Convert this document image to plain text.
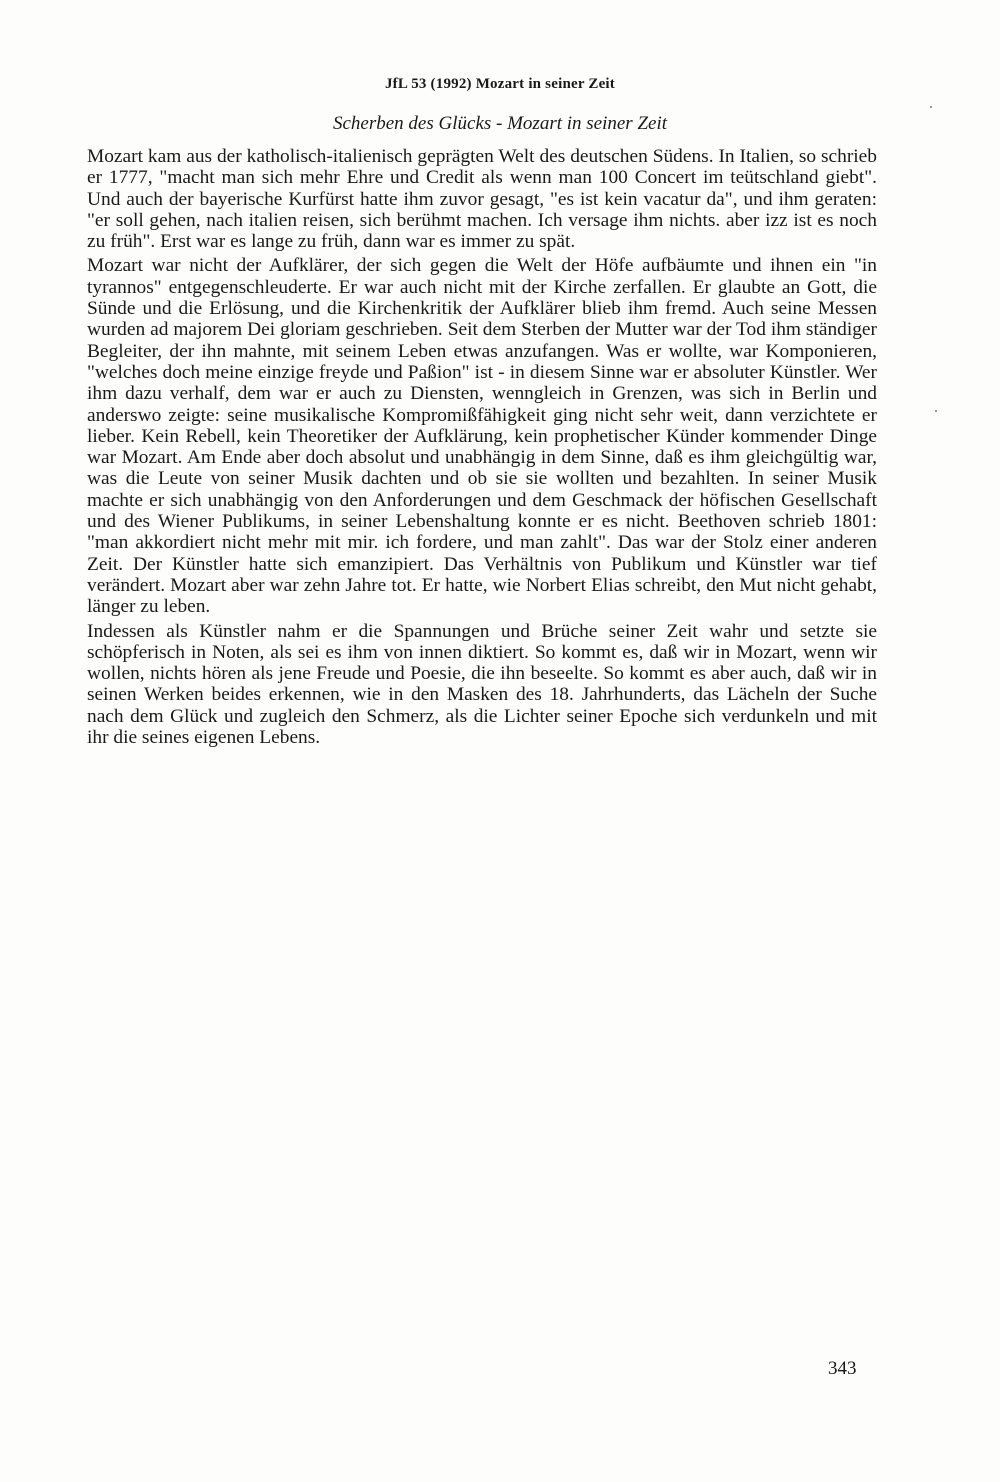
JfL 53 (1992) Mozart in seiner Zeit
Scherben des Glücks - Mozart in seiner Zeit

Mozart kam aus der katholisch-italienisch geprägten Welt des deutschen Südens. In Italien, so schrieb er 1777, "macht man sich mehr Ehre und Credit als wenn man 100 Concert im teütschland giebt". Und auch der bayerische Kurfürst hatte ihm zuvor gesagt, "es ist kein vacatur da", und ihm geraten: "er soll gehen, nach italien reisen, sich berühmt machen. Ich versage ihm nichts. aber izz ist es noch zu früh". Erst war es lange zu früh, dann war es immer zu spät.

Mozart war nicht der Aufklärer, der sich gegen die Welt der Höfe aufbäumte und ihnen ein "in tyrannos" entgegenschleuderte. Er war auch nicht mit der Kirche zerfallen. Er glaubte an Gott, die Sünde und die Erlösung, und die Kirchenkritik der Aufklärer blieb ihm fremd. Auch seine Messen wurden ad majorem Dei gloriam geschrieben. Seit dem Sterben der Mutter war der Tod ihm ständiger Begleiter, der ihn mahnte, mit seinem Leben etwas anzufangen. Was er wollte, war Komponieren, "welches doch meine einzige freyde und Paßion" ist - in diesem Sinne war er absoluter Künstler. Wer ihm dazu verhalf, dem war er auch zu Diensten, wenngleich in Grenzen, was sich in Berlin und anderswo zeigte: seine musikalische Kompromißfähigkeit ging nicht sehr weit, dann verzichtete er lieber. Kein Rebell, kein Theoretiker der Aufklärung, kein prophetischer Künder kommender Dinge war Mozart. Am Ende aber doch absolut und unabhängig in dem Sinne, daß es ihm gleichgültig war, was die Leute von seiner Musik dachten und ob sie sie wollten und bezahlten. In seiner Musik machte er sich unabhängig von den Anforderungen und dem Geschmack der höfischen Gesellschaft und des Wiener Publikums, in seiner Lebenshaltung konnte er es nicht. Beethoven schrieb 1801: "man akkordiert nicht mehr mit mir. ich fordere, und man zahlt". Das war der Stolz einer anderen Zeit. Der Künstler hatte sich emanzipiert. Das Verhältnis von Publikum und Künstler war tief verändert. Mozart aber war zehn Jahre tot. Er hatte, wie Norbert Elias schreibt, den Mut nicht gehabt, länger zu leben.

Indessen als Künstler nahm er die Spannungen und Brüche seiner Zeit wahr und setzte sie schöpferisch in Noten, als sei es ihm von innen diktiert. So kommt es, daß wir in Mozart, wenn wir wollen, nichts hören als jene Freude und Poesie, die ihn beseelte. So kommt es aber auch, daß wir in seinen Werken beides erkennen, wie in den Masken des 18. Jahrhunderts, das Lächeln der Suche nach dem Glück und zugleich den Schmerz, als die Lichter seiner Epoche sich verdunkeln und mit ihr die seines eigenen Lebens.

343
